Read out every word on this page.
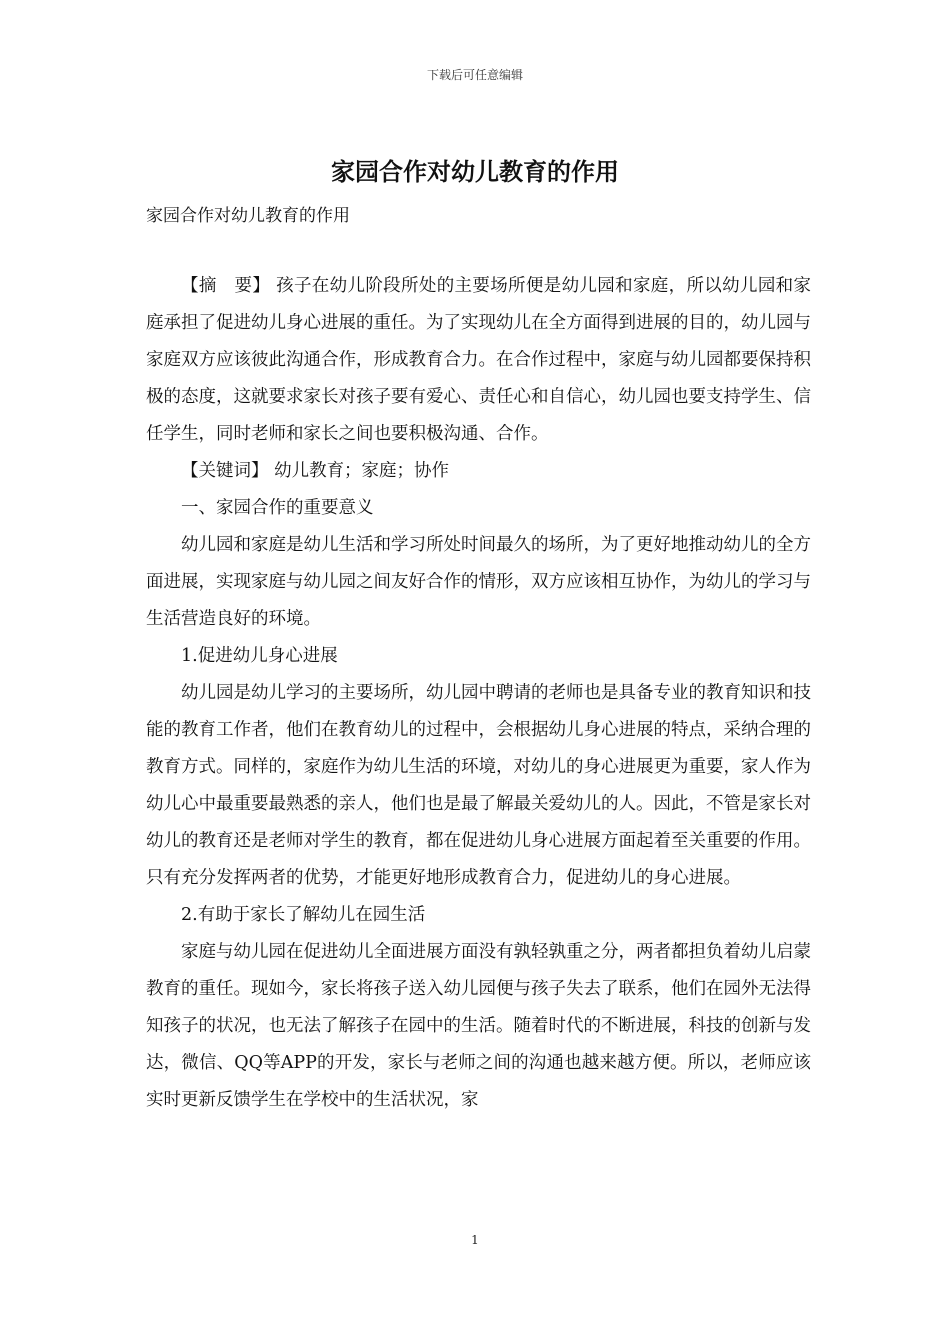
下载后可任意编辑
家园合作对幼儿教育的作用
家园合作对幼儿教育的作用

【摘　要】 孩子在幼儿阶段所处的主要场所便是幼儿园和家庭，所以幼儿园和家庭承担了促进幼儿身心进展的重任。为了实现幼儿在全方面得到进展的目的，幼儿园与家庭双方应该彼此沟通合作，形成教育合力。在合作过程中，家庭与幼儿园都要保持积极的态度，这就要求家长对孩子要有爱心、责任心和自信心，幼儿园也要支持学生、信任学生，同时老师和家长之间也要积极沟通、合作。

【关键词】 幼儿教育；家庭；协作

一、家园合作的重要意义

幼儿园和家庭是幼儿生活和学习所处时间最久的场所，为了更好地推动幼儿的全方面进展，实现家庭与幼儿园之间友好合作的情形，双方应该相互协作，为幼儿的学习与生活营造良好的环境。

1.促进幼儿身心进展

幼儿园是幼儿学习的主要场所，幼儿园中聘请的老师也是具备专业的教育知识和技能的教育工作者，他们在教育幼儿的过程中，会根据幼儿身心进展的特点，采纳合理的教育方式。同样的，家庭作为幼儿生活的环境，对幼儿的身心进展更为重要，家人作为幼儿心中最重要最熟悉的亲人，他们也是最了解最关爱幼儿的人。因此，不管是家长对幼儿的教育还是老师对学生的教育，都在促进幼儿身心进展方面起着至关重要的作用。只有充分发挥两者的优势，才能更好地形成教育合力，促进幼儿的身心进展。

2.有助于家长了解幼儿在园生活

家庭与幼儿园在促进幼儿全面进展方面没有孰轻孰重之分，两者都担负着幼儿启蒙教育的重任。现如今，家长将孩子送入幼儿园便与孩子失去了联系，他们在园外无法得知孩子的状况，也无法了解孩子在园中的生活。随着时代的不断进展，科技的创新与发达，微信、QQ等APP的开发，家长与老师之间的沟通也越来越方便。所以，老师应该实时更新反馈学生在学校中的生活状况，家

1
